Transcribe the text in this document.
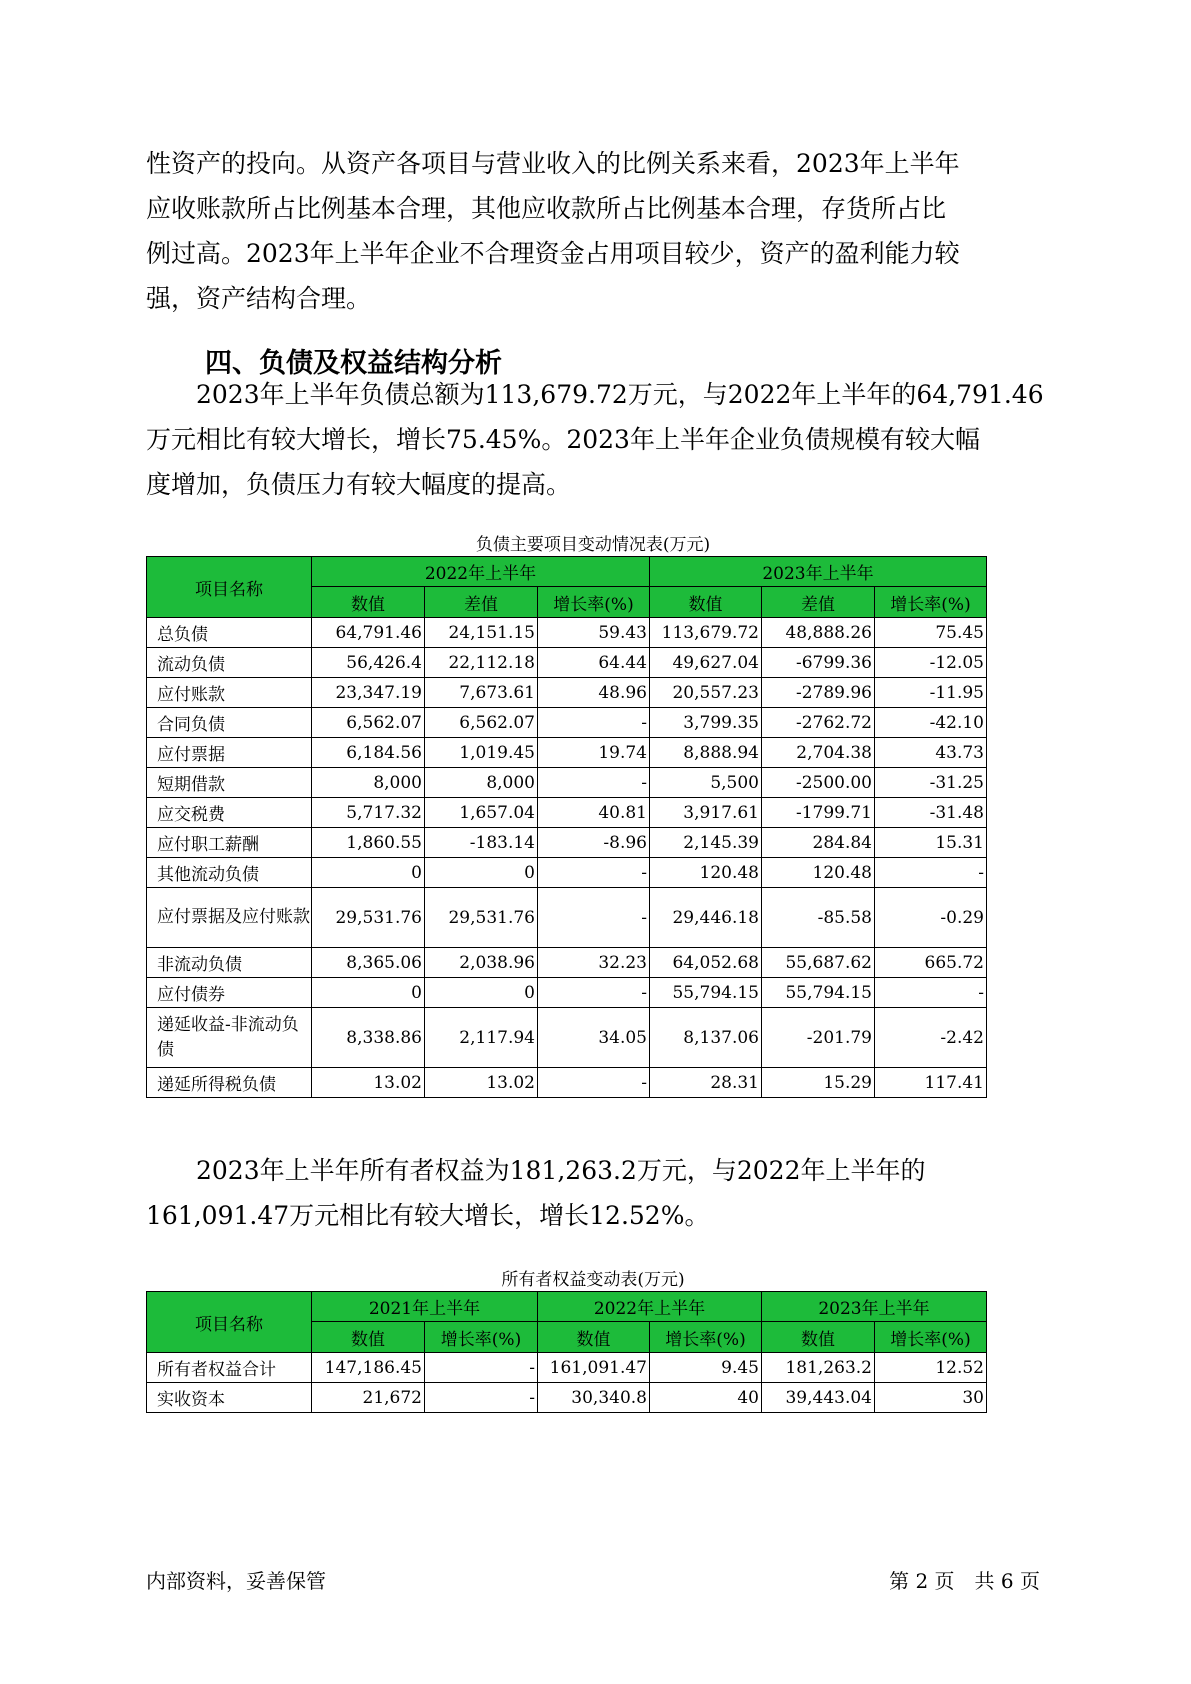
性资产的投向。从资产各项目与营业收入的比例关系来看，2023年上半年
应收账款所占比例基本合理，其他应收款所占比例基本合理，存货所占比
例过高。2023年上半年企业不合理资金占用项目较少，资产的盈利能力较
强，资产结构合理。

四、负债及权益结构分析

　　2023年上半年负债总额为113,679.72万元，与2022年上半年的64,791.46
万元相比有较大增长，增长75.45%。2023年上半年企业负债规模有较大幅
度增加，负债压力有较大幅度的提高。

负债主要项目变动情况表(万元)
项目名称	2022年上半年			2023年上半年		
	数值	差值	增长率(%)	数值	差值	增长率(%)
总负债	64,791.46	24,151.15	59.43	113,679.72	48,888.26	75.45
流动负债	56,426.4	22,112.18	64.44	49,627.04	-6799.36	-12.05
应付账款	23,347.19	7,673.61	48.96	20,557.23	-2789.96	-11.95
合同负债	6,562.07	6,562.07	-	3,799.35	-2762.72	-42.10
应付票据	6,184.56	1,019.45	19.74	8,888.94	2,704.38	43.73
短期借款	8,000	8,000	-	5,500	-2500.00	-31.25
应交税费	5,717.32	1,657.04	40.81	3,917.61	-1799.71	-31.48
应付职工薪酬	1,860.55	-183.14	-8.96	2,145.39	284.84	15.31
其他流动负债	0	0	-	120.48	120.48	-
应付票据及应付账款	29,531.76	29,531.76	-	29,446.18	-85.58	-0.29
非流动负债	8,365.06	2,038.96	32.23	64,052.68	55,687.62	665.72
应付债券	0	0	-	55,794.15	55,794.15	-
递延收益-非流动负债	8,338.86	2,117.94	34.05	8,137.06	-201.79	-2.42
递延所得税负债	13.02	13.02	-	28.31	15.29	117.41

　　2023年上半年所有者权益为181,263.2万元，与2022年上半年的
161,091.47万元相比有较大增长，增长12.52%。

所有者权益变动表(万元)
项目名称	2021年上半年		2022年上半年		2023年上半年	
	数值	增长率(%)	数值	增长率(%)	数值	增长率(%)
所有者权益合计	147,186.45	-	161,091.47	9.45	181,263.2	12.52
实收资本	21,672	-	30,340.8	40	39,443.04	30
内部资料，妥善保管	第 2 页　共 6 页
